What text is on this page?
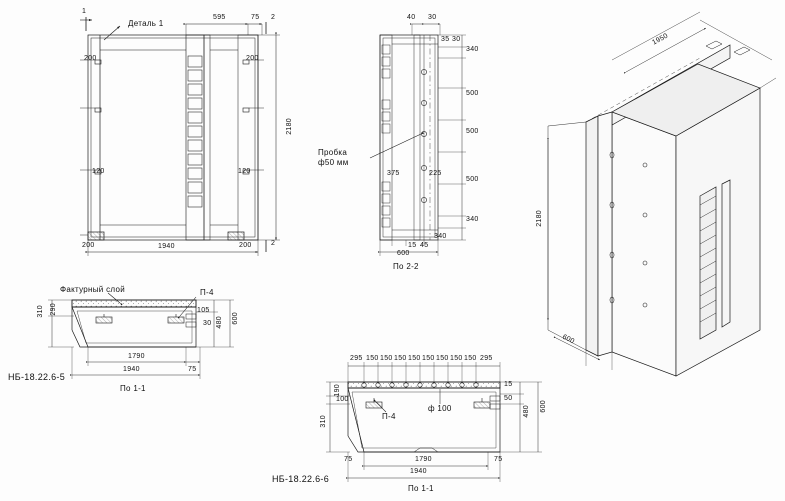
Деталь 1
595	75
1
2
2
2180
1940
200	200
200
120	120
200
40 30
35 30
340
500
500
500
340
375	225
15 45
340
600
По 2-2
Пробка
ф50 мм
Фактурный слой	П-4
310 290
30 480 600
105
1790
75
1940
НБ-18.22.6-5
По 1-1
295 150 150 150 150 150 150 150 150 295
190
100
310
15
50
480 600
П-4
ф 100
75	1790	75
1940
НБ-18.22.6-6
По 1-1
1950
2180
600
